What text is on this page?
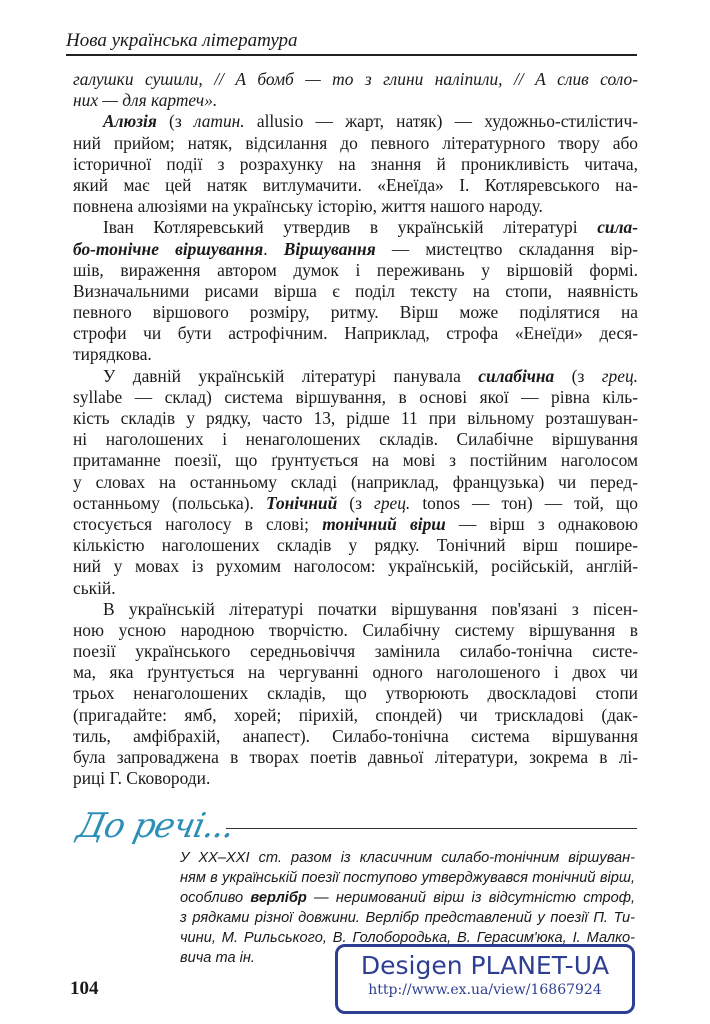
Нова українська література
галушки сушили, // А бомб — то з глини наліпили, // А слив соло-
них — для картеч».
Алюзія (з латин. allusio — жарт, натяк) — художньо-стилістич-
ний прийом; натяк, відсилання до певного літературного твору або
історичної події з розрахунку на знання й проникливість читача,
який має цей натяк витлумачити. «Енеїда» І. Котляревського на-
повнена алюзіями на українську історію, життя нашого народу.
Іван Котляревський утвердив в українській літературі сила-
бо-тонічне віршування. Віршування — мистецтво складання вір-
шів, вираження автором думок і переживань у віршовій формі.
Визначальними рисами вірша є поділ тексту на стопи, наявність
певного віршового розміру, ритму. Вірш може поділятися на
строфи чи бути астрофічним. Наприклад, строфа «Енеїди» деся-
тирядкова.
У давній українській літературі панувала силабічна (з грец.
syllabe — склад) система віршування, в основі якої — рівна кіль-
кість складів у рядку, часто 13, рідше 11 при вільному розташуван-
ні наголошених і ненаголошених складів. Силабічне віршування
притаманне поезії, що ґрунтується на мові з постійним наголосом
у словах на останньому складі (наприклад, французька) чи перед-
останньому (польська). Тонічний (з грец. tonos — тон) — той, що
стосується наголосу в слові; тонічний вірш — вірш з однаковою
кількістю наголошених складів у рядку. Тонічний вірш пошире-
ний у мовах із рухомим наголосом: українській, російській, англій-
ській.
В українській літературі початки віршування пов'язані з пісен-
ною усною народною творчістю. Силабічну систему віршування в
поезії українського середньовіччя замінила силабо-тонічна систе-
ма, яка ґрунтується на чергуванні одного наголошеного і двох чи
трьох ненаголошених складів, що утворюють двоскладові стопи
(пригадайте: ямб, хорей; пірихій, спондей) чи трискладові (дак-
тиль, амфібрахій, анапест). Силабо-тонічна система віршування
була запроваджена в творах поетів давньої літератури, зокрема в лі-
риці Г. Сковороди.
До речі...
У XX–XXI ст. разом із класичним силабо-тонічним віршуван-
ням в українській поезії поступово утверджувався тонічний вірш,
особливо верлібр — неримований вірш із відсутністю строф,
з рядками різної довжини. Верлібр представлений у поезії П. Ти-
чини, М. Рильського, В. Голобородька, В. Герасим'юка, І. Малко-
вича та ін.
104
Desigen PLANET-UA
http://www.ex.ua/view/16867924
